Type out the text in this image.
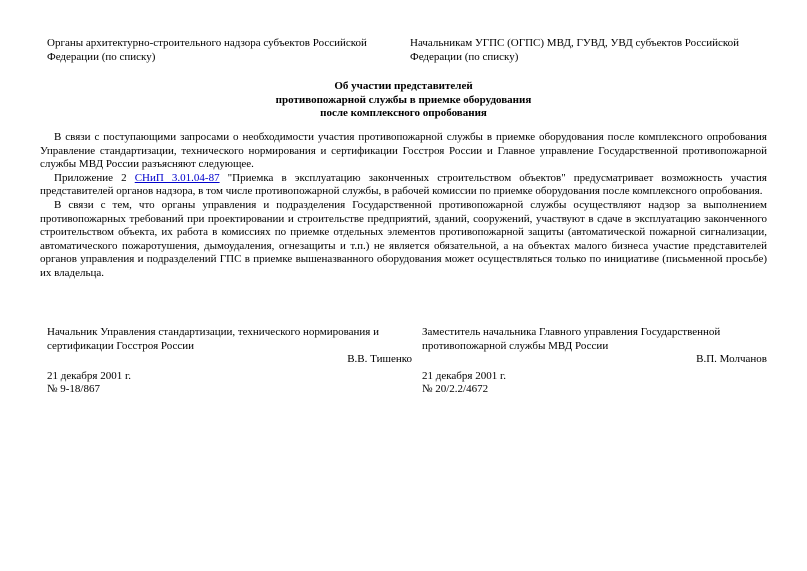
Органы архитектурно-строительного надзора субъектов Российской
Федерации (по списку)
Начальникам УГПС (ОГПС) МВД, ГУВД, УВД субъектов Российской
Федерации (по списку)
Об участии представителей
противопожарной службы в приемке оборудования
после комплексного опробования

В связи с поступающими запросами о необходимости участия противопожарной службы в приемке оборудования после комплексного опробования Управление стандартизации, технического нормирования и сертификации Госстроя России и Главное управление Государственной противопожарной службы МВД России разъясняют следующее.

Приложение 2 СНиП 3.01.04-87 "Приемка в эксплуатацию законченных строительством объектов" предусматривает возможность участия представителей органов надзора, в том числе противопожарной службы, в рабочей комиссии по приемке оборудования после комплексного опробования.

В связи с тем, что органы управления и подразделения Государственной противопожарной службы осуществляют надзор за выполнением противопожарных требований при проектировании и строительстве предприятий, зданий, сооружений, участвуют в сдаче в эксплуатацию законченного строительством объекта, их работа в комиссиях по приемке отдельных элементов противопожарной защиты (автоматической пожарной сигнализации, автоматического пожаротушения, дымоудаления, огнезащиты и т.п.) не является обязательной, а на объектах малого бизнеса участие представителей органов управления и подразделений ГПС в приемке вышеназванного оборудования может осуществляться только по инициативе (письменной просьбе) их владельца.

Начальник Управления стандартизации, технического нормирования и
сертификации Госстроя России
В.В. Тишенко
21 декабря 2001 г.
№ 9-18/867
Заместитель начальника Главного управления Государственной
противопожарной службы МВД России
В.П. Молчанов
21 декабря 2001 г.
№ 20/2.2/4672
